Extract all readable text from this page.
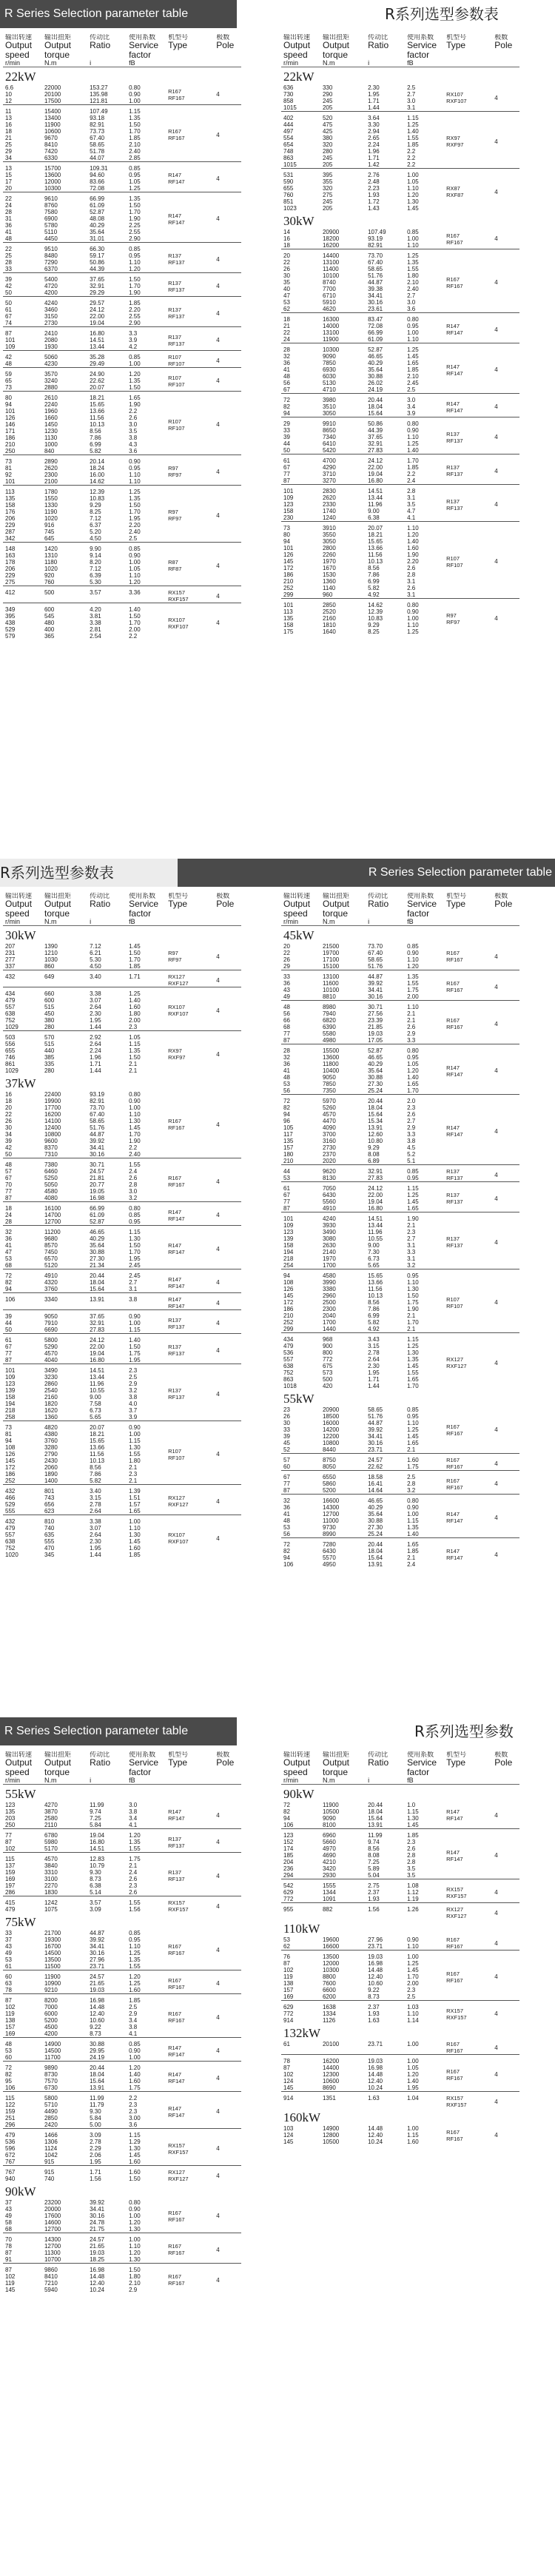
R Series Selection parameter table	R系列选型参数表
输出转速	输出扭矩	传动比	使用系数	机型号	极数
Output
speed	Output
torque	Ratio	Service
factor	Type	Pole
r/min	N.m	i	fB		
22kW					
6.6	22000	153.27	0.80	R167
RF167	4
10	20100	135.98	0.90		
12	17500	121.81	1.00		
11	15400	107.49	1.15	R167
RF167	4
13	13400	93.18	1.35		
16	11900	82.91	1.50		
18	10600	73.73	1.70		
21	9670	67.40	1.85		
25	8410	58.65	2.10		
29	7420	51.78	2.40		
34	6330	44.07	2.85		
13	15700	109.31	0.85	R147
RF147	4
15	13600	94.60	0.95		
17	12000	83.66	1.05		
20	10300	72.08	1.25		
22	9610	66.99	1.35	R147
RF147	4
24	8760	61.09	1.50		
28	7580	52.87	1.70		
31	6900	48.08	1.90		
36	5780	40.29	2.25		
41	5110	35.64	2.55		
48	4450	31.01	2.90		
22	9510	66.30	0.85	R137
RF137	4
25	8480	59.17	0.95		
28	7290	50.86	1.10		
33	6370	44.39	1.20		
39	5400	37.65	1.50	R137
RF137	4
42	4720	32.91	1.70		
50	4200	29.29	1.90		
50	4240	29.57	1.85	R137
RF137	4
61	3460	24.12	2.20		
67	3150	22.00	2.55		
74	2730	19.04	2.90		
87	2410	16.80	3.3	R137
RF137	4
101	2080	14.51	3.9		
109	1930	13.44	4.2		
42	5060	35.28	0.85	R107
RF107	4
48	4230	29.49	1.00		
59	3570	24.90	1.20	R107
RF107	4
65	3240	22.62	1.35		
73	2880	20.07	1.50		
80	2610	18.21	1.65	R107
RF107	4
94	2240	15.65	1.90		
101	1960	13.66	2.2		
126	1660	11.56	2.6		
146	1450	10.13	3.0		
171	1230	8.56	3.5		
186	1130	7.86	3.8		
210	1000	6.99	4.3		
250	840	5.82	3.6		
73	2890	20.14	0.90	R97
RF97	4
81	2620	18.24	0.95		
92	2300	16.00	1.10		
101	2100	14.62	1.10		
113	1780	12.39	1.25	R97
RF97	4
135	1550	10.83	1.35		
158	1330	9.29	1.50		
176	1190	8.25	1.70		
206	1020	7.12	1.95		
229	916	6.37	2.20		
287	745	5.20	2.40		
342	645	4.50	2.5		
148	1420	9.90	0.85	R87
RF87	4
163	1310	9.14	0.90		
178	1180	8.20	1.00		
206	1020	7.12	1.05		
229	920	6.39	1.10		
275	760	5.30	1.20		
412	500	3.57	3.36	RX157
RXF157	4
349	600	4.20	1.40	RX107
RXF107	4
395	545	3.81	1.50		
438	480	3.38	1.70		
529	400	2.81	2.00		
579	365	2.54	2.2		
输出转速	输出扭矩	传动比	使用系数	机型号	极数
Output
speed	Output
torque	Ratio	Service
factor	Type	Pole
r/min	N.m	i	fB		
22kW					
636	330	2.30	2.5	RX107
RXF107	4
730	290	1.95	2.7		
858	245	1.71	3.0		
1015	205	1.44	3.1		
402	520	3.64	1.15	RX97
RXF97	4
444	475	3.30	1.25		
497	425	2.94	1.40		
554	380	2.65	1.55		
654	320	2.24	1.85		
748	280	1.96	2.2		
863	245	1.71	2.2		
1015	205	1.42	2.2		
531	395	2.76	1.00	RX87
RXF87	4
590	355	2.48	1.05		
655	320	2.23	1.10		
760	275	1.93	1.20		
851	245	1.72	1.30		
1023	205	1.43	1.45		
30kW					
14	20900	107.49	0.85	R167
RF167	4
16	18200	93.19	1.00		
18	16200	82.91	1.10		
20	14400	73.70	1.25	R167
RF167	4
22	13100	67.40	1.35		
26	11400	58.65	1.55		
30	10100	51.76	1.80		
35	8740	44.87	2.10		
40	7700	39.38	2.40		
47	6710	34.41	2.7		
53	5910	30.16	3.0		
62	4620	23.61	3.6		
18	16300	83.47	0.80	R147
RF147	4
21	14000	72.08	0.95		
22	13100	66.99	1.00		
24	11900	61.09	1.10		
28	10300	52.87	1.25	R147
RF147	4
32	9090	46.65	1.45		
36	7850	40.29	1.65		
41	6930	35.64	1.85		
48	6030	30.88	2.10		
56	5130	26.02	2.45		
67	4710	24.19	2.5		
72	3980	20.44	3.0	R147
RF147	4
82	3510	18.04	3.4		
94	3050	15.64	3.9		
29	9910	50.86	0.80	R137
RF137	4
33	8650	44.39	0.90		
39	7340	37.65	1.10		
44	6410	32.91	1.25		
50	5420	27.83	1.40		
61	4700	24.12	1.70	R137
RF137	4
67	4290	22.00	1.85		
77	3710	19.04	2.2		
87	3270	16.80	2.4		
101	2830	14.51	2.8	R137
RF137	4
109	2620	13.44	3.1		
123	2330	11.96	3.5		
158	1740	9.00	4.7		
230	1240	6.38	4.1		
73	3910	20.07	1.10	R107
RF107	4
80	3550	18.21	1.20		
94	3050	15.65	1.40		
101	2800	13.66	1.60		
126	2260	11.56	1.90		
145	1970	10.13	2.20		
172	1670	8.56	2.6		
186	1530	7.86	2.8		
210	1360	6.99	3.1		
252	1140	5.82	2.6		
299	960	4.92	3.1		
101	2850	14.62	0.80	R97
RF97	4
113	2520	12.39	0.90		
135	2160	10.83	1.00		
158	1810	9.29	1.10		
175	1640	8.25	1.25		
R系列选型参数表	R Series Selection parameter table
输出转速	输出扭矩	传动比	使用系数	机型号	极数
Output
speed	Output
torque	Ratio	Service
factor	Type	Pole
r/min	N.m	i	fB		
30kW					
207	1390	7.12	1.45	R97
RF97	4
231	1210	6.21	1.50		
277	1030	5.30	1.70		
337	860	4.50	1.85		
432	649	3.40	1.71	RX127
RXF127	4
434	660	3.38	1.25	RX107
RXF107	4
479	600	3.07	1.40		
557	515	2.64	1.60		
638	450	2.30	1.80		
752	380	1.95	2.00		
1029	280	1.44	2.3		
503	570	2.92	1.05	RX97
RXF97	4
556	515	2.64	1.15		
655	440	2.24	1.35		
746	385	1.96	1.50		
861	335	1.71	2.1		
1029	280	1.44	2.1		
37kW					
16	22400	93.19	0.80	R167
RF167	4
18	19900	82.91	0.90		
20	17700	73.70	1.00		
22	16200	67.40	1.10		
26	14100	58.65	1.30		
30	12400	51.76	1.45		
34	10800	44.87	1.70		
39	9600	39.92	1.90		
42	8370	34.41	2.2		
50	7310	30.16	2.40		
48	7380	30.71	1.55	R167
RF167	4
57	6460	24.57	2.4		
67	5250	21.81	2.6		
70	5050	20.77	2.8		
77	4580	19.05	3.0		
87	4080	16.98	3.2		
18	16100	66.99	0.80	R147
RF147	4
24	14700	61.09	0.85		
28	12700	52.87	0.95		
32	11200	46.65	1.15	R147
RF147	4
36	9680	40.29	1.30		
41	8570	35.64	1.50		
47	7450	30.88	1.70		
53	6570	27.30	1.95		
68	5120	21.34	2.45		
72	4910	20.44	2.45	R147
RF147	4
82	4320	18.04	2.7		
94	3760	15.64	3.1		
106	3340	13.91	3.8	R147
RF147	4
39	9050	37.65	0.90	R137
RF137	4
44	7910	32.91	1.00		
50	6690	27.83	1.15		
61	5800	24.12	1.40	R137
RF137	4
67	5290	22.00	1.50		
77	4570	19.04	1.75		
87	4040	16.80	1.95		
101	3490	14.51	2.3	R137
RF137	4
109	3230	13.44	2.5		
123	2860	11.96	2.9		
139	2540	10.55	3.2		
158	2160	9.00	3.8		
194	1820	7.58	4.0		
218	1620	6.73	3.7		
258	1360	5.65	3.9		
73	4820	20.07	0.90	R107
RF107	4
81	4380	18.21	1.00		
94	3760	15.65	1.15		
108	3280	13.66	1.30		
126	2790	11.56	1.55		
145	2430	10.13	1.80		
172	2060	8.56	2.1		
186	1890	7.86	2.3		
252	1400	5.82	2.1		
432	801	3.40	1.39	RX127
RXF127	4
466	743	3.15	1.51		
529	656	2.78	1.57		
555	623	2.64	1.65		
432	810	3.38	1.00	RX107
RXF107	4
479	740	3.07	1.10		
557	635	2.64	1.30		
638	555	2.30	1.45		
752	470	1.95	1.60		
1020	345	1.44	1.85		
输出转速	输出扭矩	传动比	使用系数	机型号	极数
Output
speed	Output
torque	Ratio	Service
factor	Type	Pole
r/min	N.m	i	fB		
45kW					
20	21500	73.70	0.85	R167
RF167	4
22	19700	67.40	0.90		
26	17100	58.65	1.10		
29	15100	51.76	1.20		
33	13100	44.87	1.35	R167
RF167	4
36	11600	39.92	1.55		
43	10100	34.41	1.75		
49	8810	30.16	2.00		
48	8980	30.71	1.10	R167
RF167	4
56	7940	27.56	2.1		
66	6820	23.39	2.1		
68	6390	21.85	2.6		
77	5580	19.03	2.9		
87	4980	17.05	3.3		
28	15500	52.87	0.80	R147
RF147	4
32	13600	46.65	0.95		
36	11800	40.29	1.05		
41	10400	35.64	1.20		
48	9050	30.88	1.40		
53	7850	27.30	1.65		
56	7350	25.24	1.70		
72	5970	20.44	2.0	R147
RF147	4
82	5260	18.04	2.3		
94	4570	15.64	2.6		
96	4470	15.34	2.7		
105	4090	13.91	2.9		
117	3700	12.60	3.3		
135	3160	10.80	3.8		
157	2730	9.29	4.5		
180	2370	8.08	5.2		
210	2020	6.89	5.1		
44	9620	32.91	0.85	R137
RF137	4
53	8130	27.83	0.95		
61	7050	24.12	1.15	R137
RF137	4
67	6430	22.00	1.25		
77	5560	19.04	1.45		
87	4910	16.80	1.65		
101	4240	14.51	1.90	R137
RF137	4
109	3930	13.44	2.1		
123	3490	11.96	2.3		
139	3080	10.55	2.7		
158	2630	9.00	3.1		
194	2140	7.30	3.3		
218	1970	6.73	3.1		
254	1700	5.65	3.2		
94	4580	15.65	0.95	R107
RF107	4
108	3990	13.66	1.10		
126	3380	11.56	1.30		
145	2960	10.13	1.50		
172	2500	8.56	1.75		
186	2300	7.86	1.90		
210	2040	6.99	2.1		
252	1700	5.82	1.70		
299	1440	4.92	2.1		
434	968	3.43	1.15	RX127
RXF127	4
479	900	3.15	1.25		
536	800	2.78	1.30		
557	772	2.64	1.35		
638	675	2.30	1.45		
752	573	1.95	1.55		
863	500	1.71	1.65		
1018	420	1.44	1.70		
55kW					
23	20900	58.65	0.85	R167
RF167	4
26	18500	51.76	0.95		
30	16000	44.87	1.10		
33	14200	39.92	1.25		
39	12200	34.41	1.45		
45	10800	30.16	1.65		
52	8440	23.71	2.1		
57	8750	24.57	1.60	R167
RF167	4
60	8050	22.62	1.75		
67	6550	18.58	2.5	R167
RF167	4
77	5860	16.41	2.8		
87	5200	14.64	3.2		
32	16600	46.65	0.80	R147
RF147	4
36	14300	40.29	0.90		
41	12700	35.64	1.00		
48	11000	30.88	1.15		
53	9730	27.30	1.35		
56	8990	25.24	1.40		
72	7280	20.44	1.65	R147
RF147	4
82	6430	18.04	1.85		
94	5570	15.64	2.1		
106	4950	13.91	2.4		
R Series Selection parameter table	R系列选型参数
输出转速	输出扭矩	传动比	使用系数	机型号	极数
Output
speed	Output
torque	Ratio	Service
factor	Type	Pole
r/min	N.m	i	fB		
55kW					
123	4270	11.99	3.0	R147
RF147	4
135	3870	9.74	3.8		
203	2580	7.25	3.4		
250	2110	5.84	4.1		
77	6780	19.04	1.20	R137
RF137	4
87	5980	16.80	1.35		
102	5170	14.51	1.55		
115	4570	12.83	1.75	R137
RF137	4
137	3840	10.79	2.1		
159	3310	9.30	2.4		
169	3100	8.73	2.6		
197	2270	6.38	2.3		
286	1830	5.14	2.6		
415	1242	3.57	1.55	RX157
RXF157	4
479	1075	3.09	1.56		
75kW					
33	21700	44.87	0.85	R167
RF167	4
37	19300	39.92	0.95		
43	16700	34.41	1.10		
49	14500	30.16	1.25		
53	13500	27.96	1.35		
61	11500	23.71	1.55		
60	11900	24.57	1.20	R167
RF167	4
63	10900	21.65	1.25		
78	9210	19.03	1.60		
87	8200	16.98	1.85	R167
RF167	4
102	7000	14.48	2.5		
119	6000	12.40	2.9		
138	5200	10.60	3.4		
157	4500	9.22	3.8		
169	4200	8.73	4.1		
48	14900	30.88	0.85	R147
RF147	4
53	14500	29.95	0.90		
60	11700	24.19	1.00		
72	9890	20.44	1.20	R147
RF147	4
82	8730	18.04	1.40		
95	7570	15.64	1.60		
106	6730	13.91	1.75		
115	5800	11.99	2.2	R147
RF147	4
122	5710	11.79	2.3		
159	4490	9.30	2.3		
251	2850	5.84	3.00		
296	2420	5.00	3.6		
479	1466	3.09	1.15	RX157
RXF157	4
536	1306	2.78	1.29		
596	1124	2.29	1.30		
672	1042	2.06	1.45		
767	915	1.95	1.60		
767	915	1.71	1.60	RX127
RXF127	4
940	740	1.56	1.50		
90kW					
37	23200	39.92	0.80	R167
RF167	4
43	20000	34.41	0.90		
49	17600	30.16	1.00		
58	14600	24.78	1.20		
68	12700	21.75	1.30		
70	14300	24.57	1.00	R167
RF167	4
78	12700	21.65	1.10		
87	11300	19.03	1.20		
91	10700	18.25	1.30		
87	9860	16.98	1.50	R167
RF167	4
102	8410	14.48	1.80		
119	7210	12.40	2.10		
145	5940	10.24	2.9		
输出转速	输出扭矩	传动比	使用系数	机型号	极数
Output
speed	Output
torque	Ratio	Service
factor	Type	Pole
r/min	N.m	i	fB		
90kW					
72	11900	20.44	1.0	R147
RF147	4
82	10500	18.04	1.15		
94	9090	15.64	1.30		
106	8100	13.91	1.45		
123	6960	11.99	1.85	R147
RF147	4
152	5660	9.74	2.3		
174	4970	8.56	2.6		
185	4690	8.08	2.8		
204	4210	7.25	2.8		
236	3420	5.89	3.5		
294	2930	5.04	3.5		
542	1555	2.75	1.08	RX157
RXF157	4
629	1344	2.37	1.12		
772	1091	1.93	1.19		
955	882	1.56	1.26	RX127
RXF127	4
110kW					
53	19600	27.96	0.90	R167
RF167	4
62	16600	23.71	1.10		
76	13500	19.03	1.00	R167
RF167	4
87	12000	16.98	1.25		
102	10300	14.48	1.45		
119	8800	12.40	1.70		
138	7600	10.60	2.00		
157	6600	9.22	2.3		
169	6200	8.73	2.5		
629	1638	2.37	1.03	RX157
RXF157	4
772	1334	1.93	1.10		
914	1126	1.63	1.14		
132kW					
61	20100	23.71	1.00	R167
RF167	4
78	16200	19.03	1.00	R167
RF167	4
87	14400	16.98	1.05		
102	12300	14.48	1.20		
124	10600	12.40	1.40		
145	8690	10.24	1.95		
914	1351	1.63	1.04	RX157
RXF157	4
160kW					
103	14900	14.48	1.00	R167
RF167	4
124	12800	12.40	1.15		
145	10500	10.24	1.60		
